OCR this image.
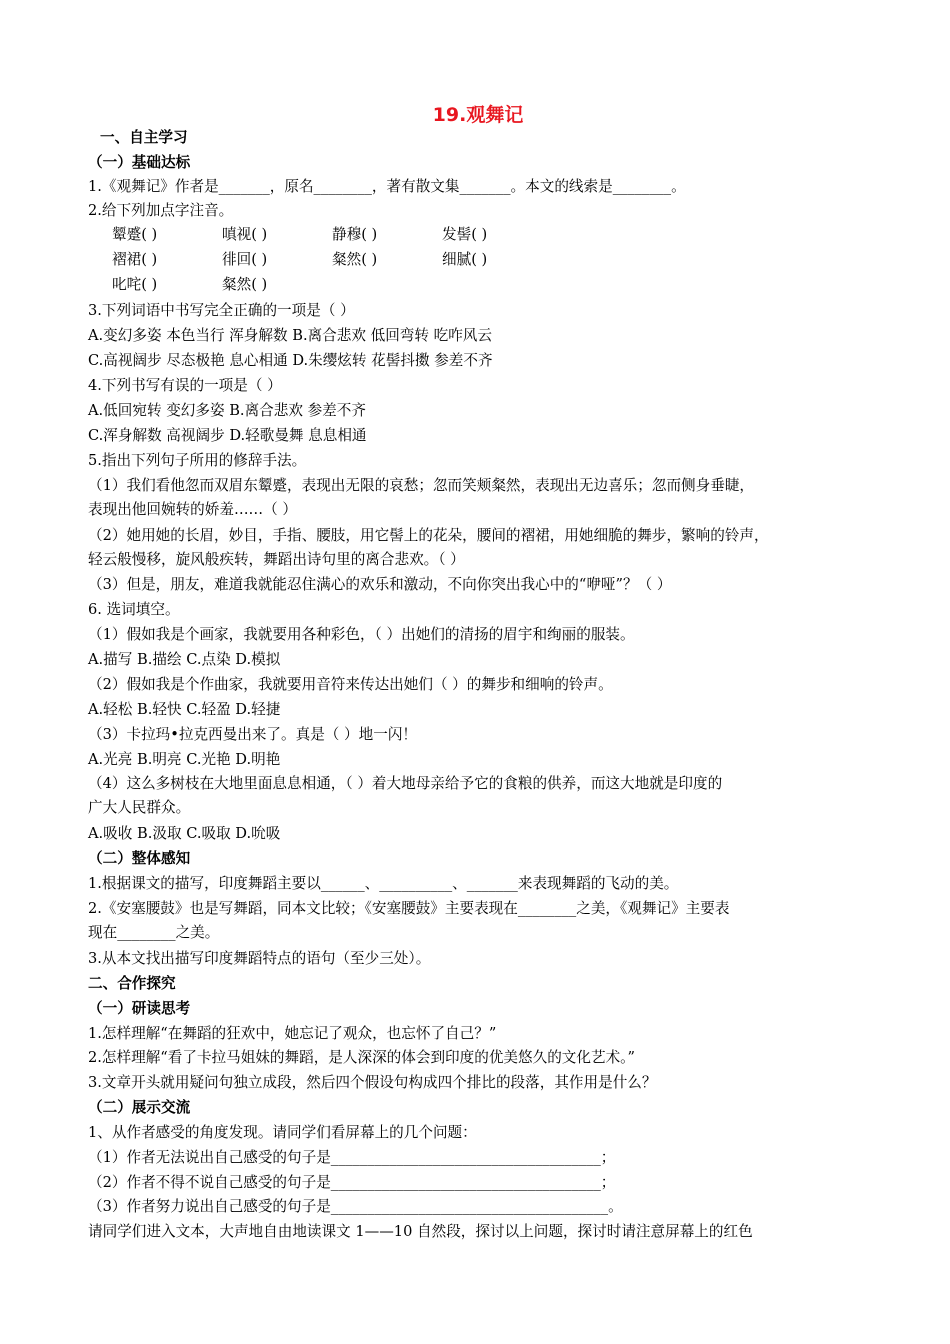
19.观舞记
一、自主学习
（一）基础达标
1.《观舞记》作者是_______，原名________，著有散文集_______。本文的线索是________。
2.给下列加点字注音。
颦蹙( )	嗔视( )	静穆( )	发髻( )
褶裙( )	徘回( )	粲然( )	细腻( )
叱咤( )	粲然( )
3.下列词语中书写完全正确的一项是（ ）
A.变幻多姿 本色当行 浑身解数 B.离合悲欢 低回弯转 吃咋风云
C.高视阔步 尽态极艳 息心相通 D.朱缨炫转 花髻抖擞 参差不齐
4.下列书写有误的一项是（ ）
A.低回宛转 变幻多姿 B.离合悲欢 参差不齐
C.浑身解数 高视阔步 D.轻歌曼舞 息息相通
5.指出下列句子所用的修辞手法。
（1）我们看他忽而双眉东颦蹙，表现出无限的哀愁；忽而笑颊粲然，表现出无边喜乐；忽而侧身垂睫，
表现出他回婉转的娇羞……（ ）
（2）她用她的长眉，妙目，手指、腰肢，用它髻上的花朵，腰间的褶裙，用她细脆的舞步，繁响的铃声，
轻云般慢移，旋风般疾转，舞蹈出诗句里的离合悲欢。（ ）
（3）但是，朋友，难道我就能忍住满心的欢乐和激动，不向你突出我心中的“咿哑”？（ ）
6. 选词填空。
（1）假如我是个画家，我就要用各种彩色，（ ）出她们的清扬的眉宇和绚丽的服装。
A.描写 B.描绘 C.点染 D.模拟
（2）假如我是个作曲家，我就要用音符来传达出她们（ ）的舞步和细响的铃声。
A.轻松 B.轻快 C.轻盈 D.轻捷
（3）卡拉玛•拉克西曼出来了。真是（ ）地一闪！
A.光亮 B.明亮 C.光艳 D.明艳
（4）这么多树枝在大地里面息息相通，（ ）着大地母亲给予它的食粮的供养，而这大地就是印度的
广大人民群众。
A.吸收 B.汲取 C.吸取 D.吮吸
（二）整体感知
1.根据课文的描写，印度舞蹈主要以______、__________、_______来表现舞蹈的飞动的美。
2.《安塞腰鼓》也是写舞蹈，同本文比较；《安塞腰鼓》主要表现在________之美，《观舞记》主要表
现在________之美。
3.从本文找出描写印度舞蹈特点的语句（至少三处）。
二、合作探究
（一）研读思考
1.怎样理解“在舞蹈的狂欢中，她忘记了观众，也忘怀了自己？”
2.怎样理解“看了卡拉马姐妹的舞蹈，是人深深的体会到印度的优美悠久的文化艺术。”
3.文章开头就用疑问句独立成段，然后四个假设句构成四个排比的段落，其作用是什么？
（二）展示交流
1、从作者感受的角度发现。请同学们看屏幕上的几个问题：
（1）作者无法说出自己感受的句子是_____________________________________；
（2）作者不得不说自己感受的句子是_____________________________________；
（3）作者努力说出自己感受的句子是______________________________________。
请同学们进入文本，大声地自由地读课文 1——10 自然段，探讨以上问题，探讨时请注意屏幕上的红色
